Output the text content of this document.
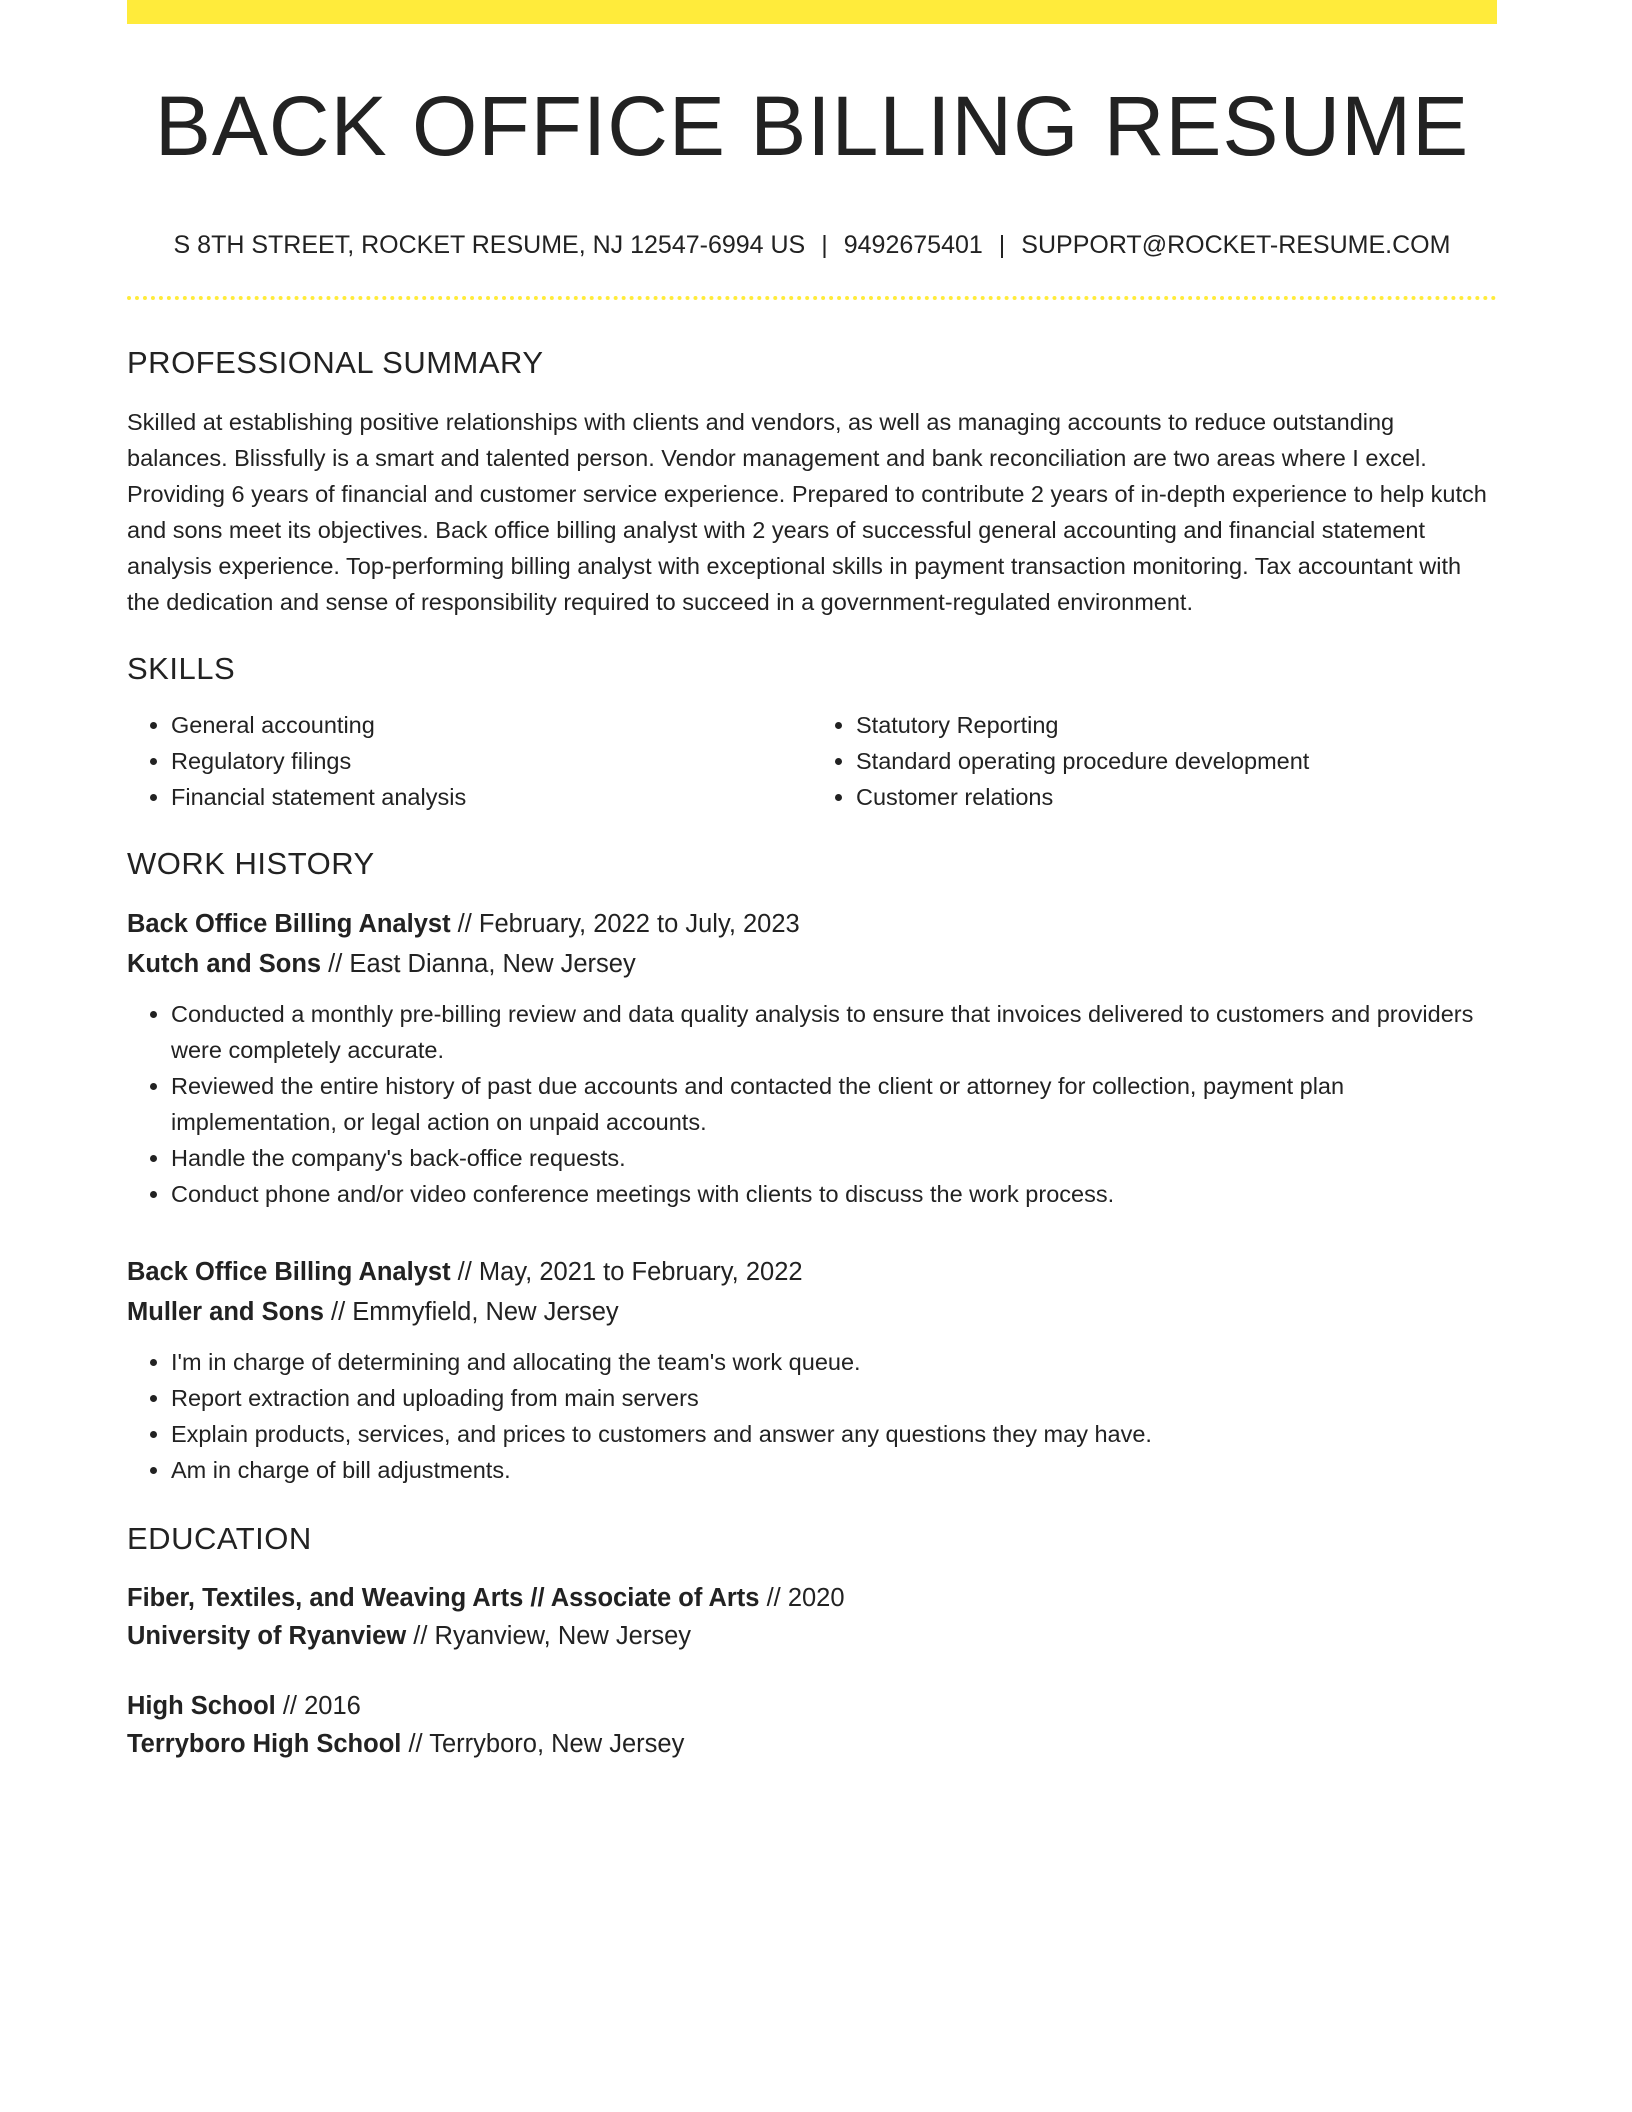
BACK OFFICE BILLING RESUME
S 8TH STREET, ROCKET RESUME, NJ 12547-6994 US | 9492675401 | SUPPORT@ROCKET-RESUME.COM
PROFESSIONAL SUMMARY

Skilled at establishing positive relationships with clients and vendors, as well as managing accounts to reduce outstanding balances. Blissfully is a smart and talented person. Vendor management and bank reconciliation are two areas where I excel. Providing 6 years of financial and customer service experience. Prepared to contribute 2 years of in-depth experience to help kutch and sons meet its objectives. Back office billing analyst with 2 years of successful general accounting and financial statement analysis experience. Top-performing billing analyst with exceptional skills in payment transaction monitoring. Tax accountant with the dedication and sense of responsibility required to succeed in a government-regulated environment.

SKILLS
• General accounting
• Regulatory filings
• Financial statement analysis
• Statutory Reporting
• Standard operating procedure development
• Customer relations
WORK HISTORY
Back Office Billing Analyst // February, 2022 to July, 2023
Kutch and Sons // East Dianna, New Jersey
• Conducted a monthly pre-billing review and data quality analysis to ensure that invoices delivered to customers and providers were completely accurate.
• Reviewed the entire history of past due accounts and contacted the client or attorney for collection, payment plan implementation, or legal action on unpaid accounts.
• Handle the company's back-office requests.
• Conduct phone and/or video conference meetings with clients to discuss the work process.
Back Office Billing Analyst // May, 2021 to February, 2022
Muller and Sons // Emmyfield, New Jersey
• I'm in charge of determining and allocating the team's work queue.
• Report extraction and uploading from main servers
• Explain products, services, and prices to customers and answer any questions they may have.
• Am in charge of bill adjustments.
EDUCATION
Fiber, Textiles, and Weaving Arts // Associate of Arts // 2020
University of Ryanview // Ryanview, New Jersey
High School // 2016
Terryboro High School // Terryboro, New Jersey
